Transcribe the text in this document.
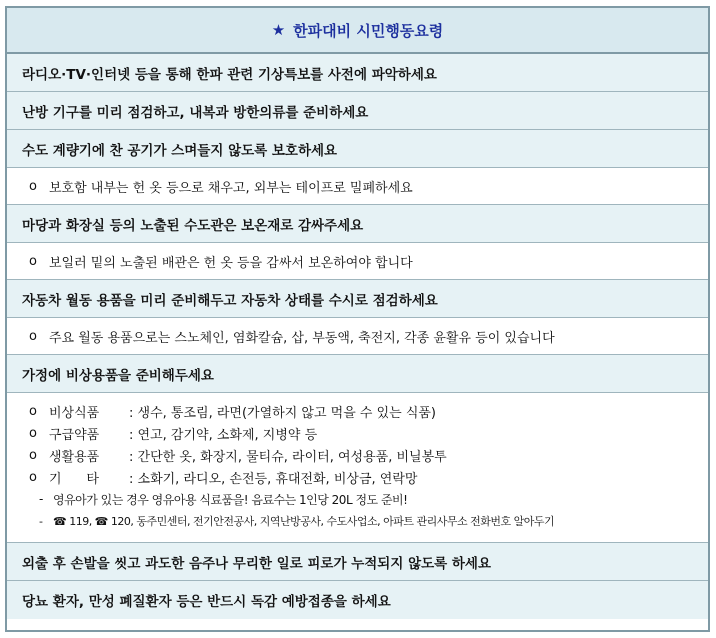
★ 한파대비 시민행동요령
라디오·TV·인터넷 등을 통해 한파 관련 기상특보를 사전에 파악하세요
난방 기구를 미리 점검하고, 내복과 방한의류를 준비하세요
수도 계량기에 찬 공기가 스며들지 않도록 보호하세요
o 보호함 내부는 헌 옷 등으로 채우고, 외부는 테이프로 밀폐하세요
마당과 화장실 등의 노출된 수도관은 보온재로 감싸주세요
o 보일러 밑의 노출된 배관은 헌 옷 등을 감싸서 보온하여야 합니다
자동차 월동 용품을 미리 준비해두고 자동차 상태를 수시로 점검하세요
o 주요 월동 용품으로는 스노체인, 염화칼슘, 삽, 부동액, 축전지, 각종 윤활유 등이 있습니다
가정에 비상용품을 준비해두세요
o 비상식품	: 생수, 통조림, 라면(가열하지 않고 먹을 수 있는 식품)
o 구급약품	: 연고, 감기약, 소화제, 지병약 등
o 생활용품	: 간단한 옷, 화장지, 물티슈, 라이터, 여성용품, 비닐봉투
o 기      타	: 소화기, 라디오, 손전등, 휴대전화, 비상금, 연락망
- 영유아가 있는 경우 영유아용 식료품을! 음료수는 1인당 20L 정도 준비!
- ☎ 119, ☎ 120, 동주민센터, 전기안전공사, 지역난방공사, 수도사업소, 아파트 관리사무소 전화번호 알아두기
외출 후 손발을 씻고 과도한 음주나 무리한 일로 피로가 누적되지 않도록 하세요
당뇨 환자, 만성 폐질환자 등은 반드시 독감 예방접종을 하세요
